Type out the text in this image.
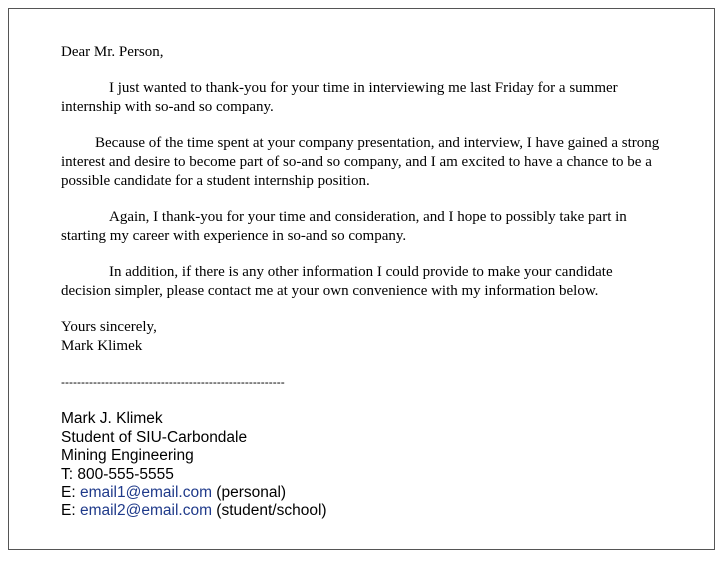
Dear Mr. Person,

I just wanted to thank-you for your time in interviewing me last Friday for a summer internship with so-and so company.

Because of the time spent at your company presentation, and interview, I have gained a strong interest and desire to become part of so-and so company, and I am excited to have a chance to be a possible candidate for a student internship position.

Again, I thank-you for your time and consideration, and I hope to possibly take part in starting my career with experience in so-and so company.

In addition, if there is any other information I could provide to make your candidate decision simpler, please contact me at your own convenience with my information below.

Yours sincerely,
Mark Klimek
--------------------------------------------------------
Mark J. Klimek
Student of SIU-Carbondale
Mining Engineering
T: 800-555-5555
E: email1@email.com (personal)
E: email2@email.com (student/school)
